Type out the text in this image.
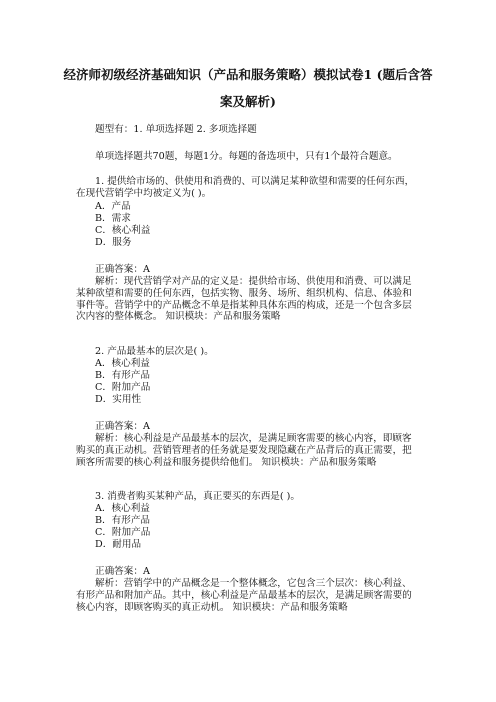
经济师初级经济基础知识（产品和服务策略）模拟试卷1 (题后含答
案及解析)
题型有：1. 单项选择题 2. 多项选择题
单项选择题共70题，每题1分。每题的备选项中，只有1个最符合题意。
1. 提供给市场的、供使用和消费的、可以满足某种欲望和需要的任何东西，在现代营销学中均被定义为( )。
A．产品
B．需求
C．核心利益
D．服务
正确答案：A
解析：现代营销学对产品的定义是：提供给市场、供使用和消费、可以满足某种欲望和需要的任何东西，包括实物、服务、场所、组织机构、信息、体验和事件等。营销学中的产品概念不单是指某种具体东西的构成，还是一个包含多层次内容的整体概念。 知识模块：产品和服务策略
2. 产品最基本的层次是( )。
A．核心利益
B．有形产品
C．附加产品
D．实用性
正确答案：A
解析：核心利益是产品最基本的层次，是满足顾客需要的核心内容，即顾客购买的真正动机。营销管理者的任务就是要发现隐藏在产品背后的真正需要，把顾客所需要的核心利益和服务提供给他们。 知识模块：产品和服务策略
3. 消费者购买某种产品，真正要买的东西是( )。
A．核心利益
B．有形产品
C．附加产品
D．耐用品
正确答案：A
解析：营销学中的产品概念是一个整体概念，它包含三个层次：核心利益、有形产品和附加产品。其中，核心利益是产品最基本的层次，是满足顾客需要的核心内容，即顾客购买的真正动机。 知识模块：产品和服务策略
